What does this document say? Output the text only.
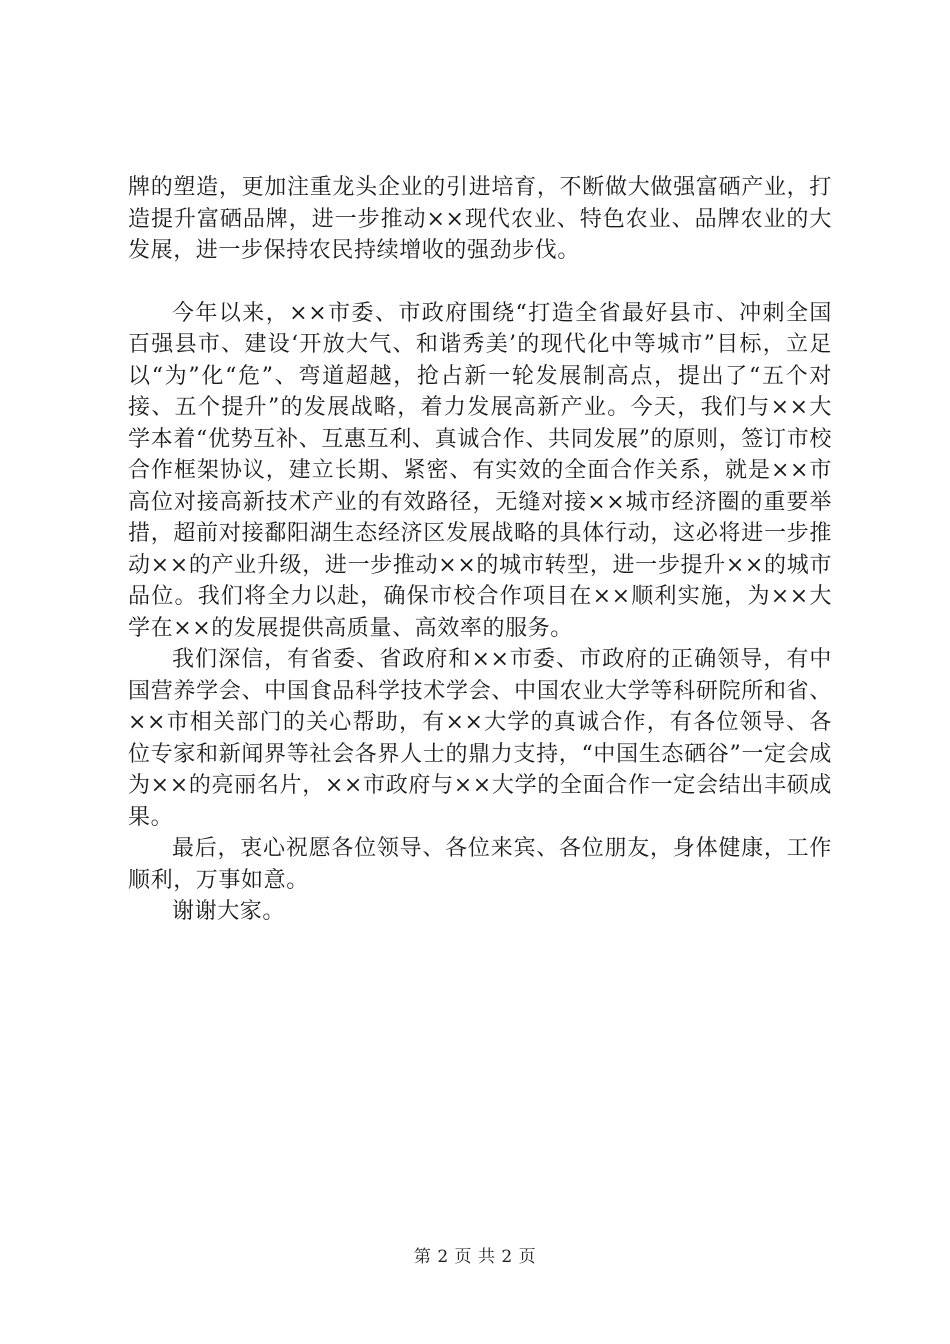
牌的塑造，更加注重龙头企业的引进培育，不断做大做强富硒产业，打造提升富硒品牌，进一步推动××现代农业、特色农业、品牌农业的大发展，进一步保持农民持续增收的强劲步伐。

今年以来，××市委、市政府围绕“打造全省最好县市、冲刺全国百强县市、建设‘开放大气、和谐秀美’的现代化中等城市”目标，立足以“为”化“危”、弯道超越，抢占新一轮发展制高点，提出了“五个对接、五个提升”的发展战略，着力发展高新产业。今天，我们与××大学本着“优势互补、互惠互利、真诚合作、共同发展”的原则，签订市校合作框架协议，建立长期、紧密、有实效的全面合作关系，就是××市高位对接高新技术产业的有效路径，无缝对接××城市经济圈的重要举措，超前对接鄱阳湖生态经济区发展战略的具体行动，这必将进一步推动××的产业升级，进一步推动××的城市转型，进一步提升××的城市品位。我们将全力以赴，确保市校合作项目在××顺利实施，为××大学在××的发展提供高质量、高效率的服务。

我们深信，有省委、省政府和××市委、市政府的正确领导，有中国营养学会、中国食品科学技术学会、中国农业大学等科研院所和省、××市相关部门的关心帮助，有××大学的真诚合作，有各位领导、各位专家和新闻界等社会各界人士的鼎力支持，“中国生态硒谷”一定会成为××的亮丽名片，××市政府与××大学的全面合作一定会结出丰硕成果。

最后，衷心祝愿各位领导、各位来宾、各位朋友，身体健康，工作顺利，万事如意。

谢谢大家。

第 2 页 共 2 页
